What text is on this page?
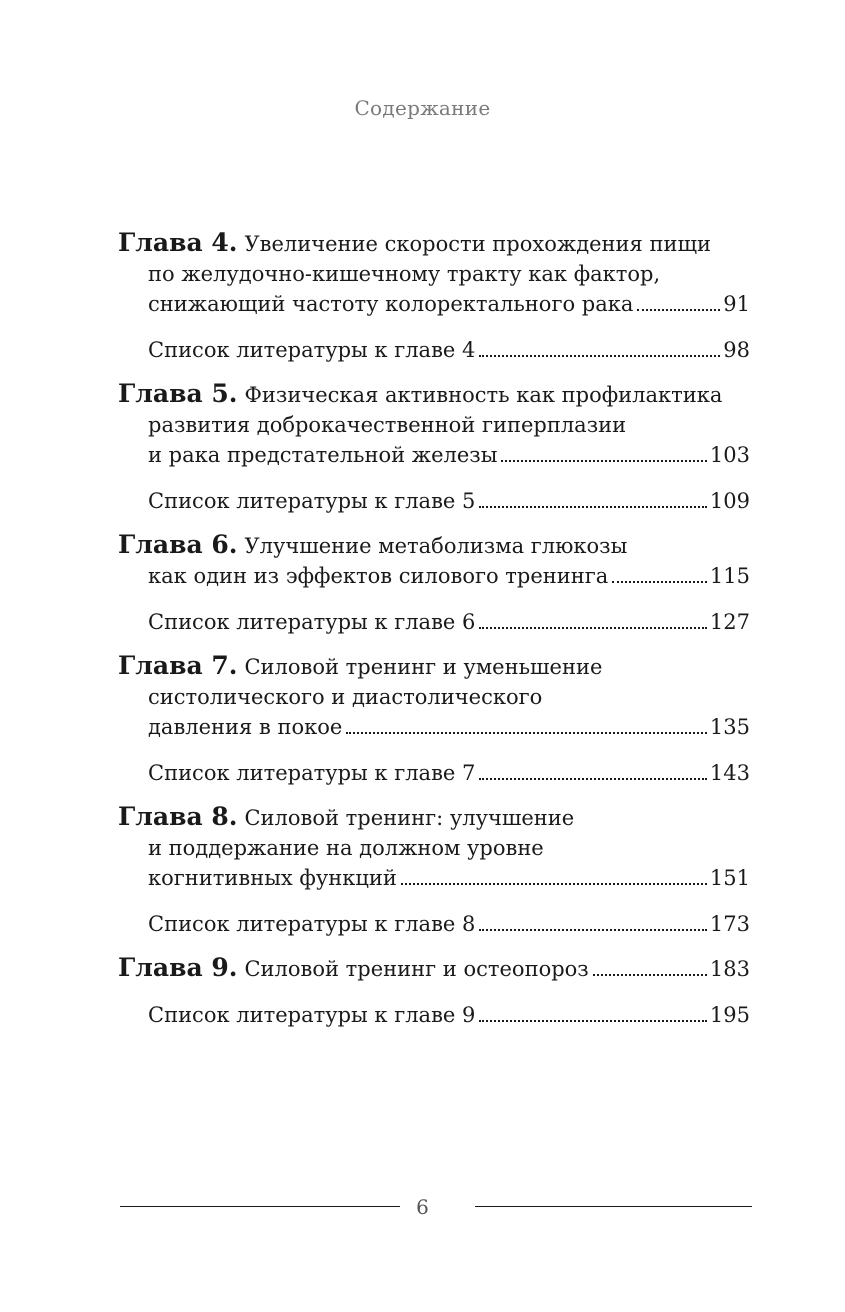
Содержание
Глава 4. Увеличение скорости прохождения пищи
по желудочно-кишечному тракту как фактор,
снижающий частоту колоректального рака	91
Список литературы к главе 4	98
Глава 5. Физическая активность как профилактика
развития доброкачественной гиперплазии
и рака предстательной железы	103
Список литературы к главе 5	109
Глава 6. Улучшение метаболизма глюкозы
как один из эффектов силового тренинга	115
Список литературы к главе 6	127
Глава 7. Силовой тренинг и уменьшение
систолического и диастолического
давления в покое	135
Список литературы к главе 7	143
Глава 8. Силовой тренинг: улучшение
и поддержание на должном уровне
когнитивных функций	151
Список литературы к главе 8	173
Глава 9. Силовой тренинг и остеопороз	183
Список литературы к главе 9	195
6
